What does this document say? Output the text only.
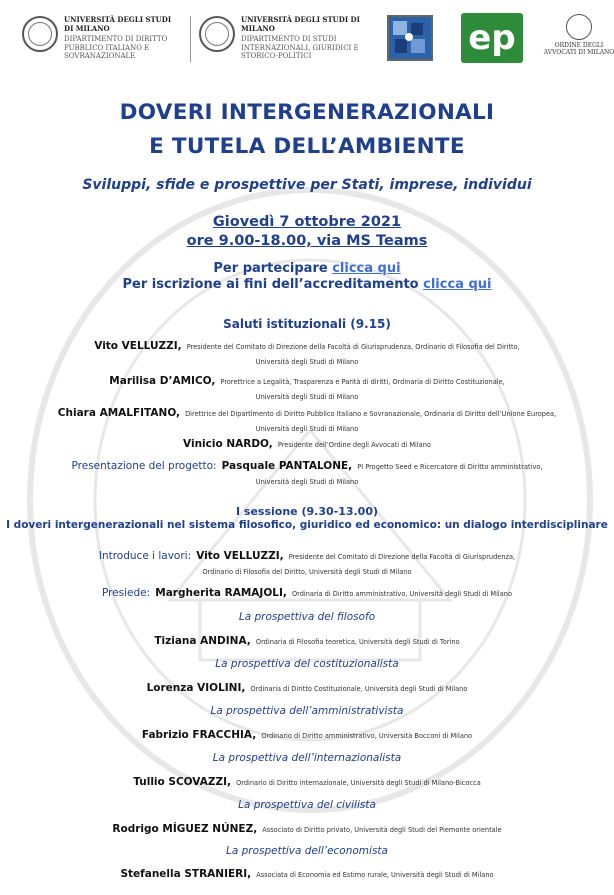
UNIVERSITÀ DEGLI STUDI DI MILANO
DIPARTIMENTO DI DIRITTO PUBBLICO ITALIANO E SOVRANAZIONALE
UNIVERSITÀ DEGLI STUDI DI MILANO
DIPARTIMENTO DI STUDI INTERNAZIONALI, GIURIDICI E STORICO-POLITICI	ep	ORDINE DEGLI AVVOCATI DI MILANO
DOVERI INTERGENERAZIONALI
E TUTELA DELL’AMBIENTE
Sviluppi, sfide e prospettive per Stati, imprese, individui
Giovedì 7 ottobre 2021
ore 9.00-18.00, via MS Teams
Per partecipare clicca qui
Per iscrizione ai fini dell’accreditamento clicca qui
Saluti istituzionali (9.15)
Vito VELLUZZI, Presidente del Comitato di Direzione della Facoltà di Giurisprudenza, Ordinario di Filosofia del Diritto,
Università degli Studi di Milano
Marilisa D’AMICO, Prorettrice a Legalità, Trasparenza e Parità di diritti, Ordinaria di Diritto Costituzionale,
Università degli Studi di Milano
Chiara AMALFITANO, Direttrice del Dipartimento di Diritto Pubblico Italiano e Sovranazionale, Ordinaria di Diritto dell’Unione Europea,
Università degli Studi di Milano
Vinicio NARDO, Presidente dell’Ordine degli Avvocati di Milano
Presentazione del progetto: Pasquale PANTALONE, PI Progetto Seed e Ricercatore di Diritto amministrativo,
Università degli Studi di Milano
I sessione (9.30-13.00)
I doveri intergenerazionali nel sistema filosofico, giuridico ed economico: un dialogo interdisciplinare
Introduce i lavori: Vito VELLUZZI, Presidente del Comitato di Direzione della Facoltà di Giurisprudenza,
Ordinario di Filosofia del Diritto, Università degli Studi di Milano
Presiede: Margherita RAMAJOLI, Ordinaria di Diritto amministrativo, Università degli Studi di Milano
La prospettiva del filosofo
Tiziana ANDINA, Ordinaria di Filosofia teoretica, Università degli Studi di Torino
La prospettiva del costituzionalista
Lorenza VIOLINI, Ordinaria di Diritto Costituzionale, Università degli Studi di Milano
La prospettiva dell’amministrativista
Fabrizio FRACCHIA, Ordinario di Diritto amministrativo, Università Bocconi di Milano
La prospettiva dell’internazionalista
Tullio SCOVAZZI, Ordinario di Diritto internazionale, Università degli Studi di Milano-Bicocca
La prospettiva del civilista
Rodrigo MÍGUEZ NÚNEZ, Associato di Diritto privato, Università degli Studi del Piemonte orientale
La prospettiva dell’economista
Stefanella STRANIERI, Associata di Economia ed Estimo rurale, Università degli Studi di Milano
